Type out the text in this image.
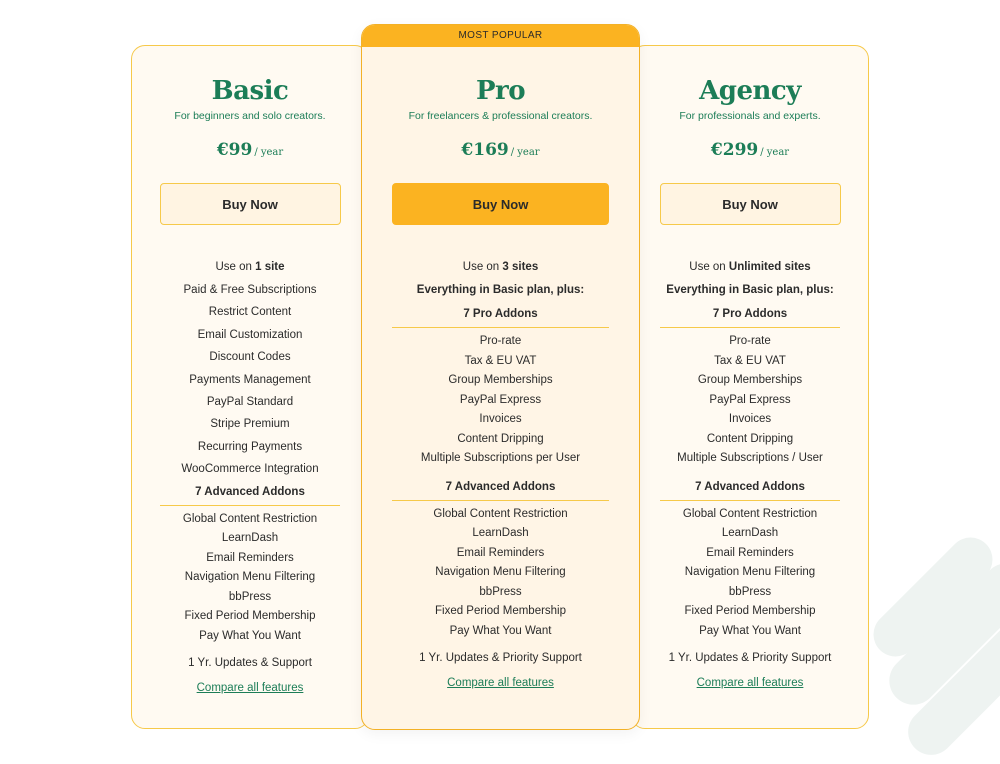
Basic
For beginners and solo creators.
€99 / year
Buy Now
Use on 1 site
Paid & Free Subscriptions
Restrict Content
Email Customization
Discount Codes
Payments Management
PayPal Standard
Stripe Premium
Recurring Payments
WooCommerce Integration
7 Advanced Addons
Global Content Restriction
LearnDash
Email Reminders
Navigation Menu Filtering
bbPress
Fixed Period Membership
Pay What You Want
1 Yr. Updates & Support
Compare all features
MOST POPULAR
Pro
For freelancers & professional creators.
€169 / year
Buy Now
Use on 3 sites
Everything in Basic plan, plus:
7 Pro Addons
Pro-rate
Tax & EU VAT
Group Memberships
PayPal Express
Invoices
Content Dripping
Multiple Subscriptions per User
7 Advanced Addons
Global Content Restriction
LearnDash
Email Reminders
Navigation Menu Filtering
bbPress
Fixed Period Membership
Pay What You Want
1 Yr. Updates & Priority Support
Compare all features
Agency
For professionals and experts.
€299 / year
Buy Now
Use on Unlimited sites
Everything in Basic plan, plus:
7 Pro Addons
Pro-rate
Tax & EU VAT
Group Memberships
PayPal Express
Invoices
Content Dripping
Multiple Subscriptions / User
7 Advanced Addons
Global Content Restriction
LearnDash
Email Reminders
Navigation Menu Filtering
bbPress
Fixed Period Membership
Pay What You Want
1 Yr. Updates & Priority Support
Compare all features
